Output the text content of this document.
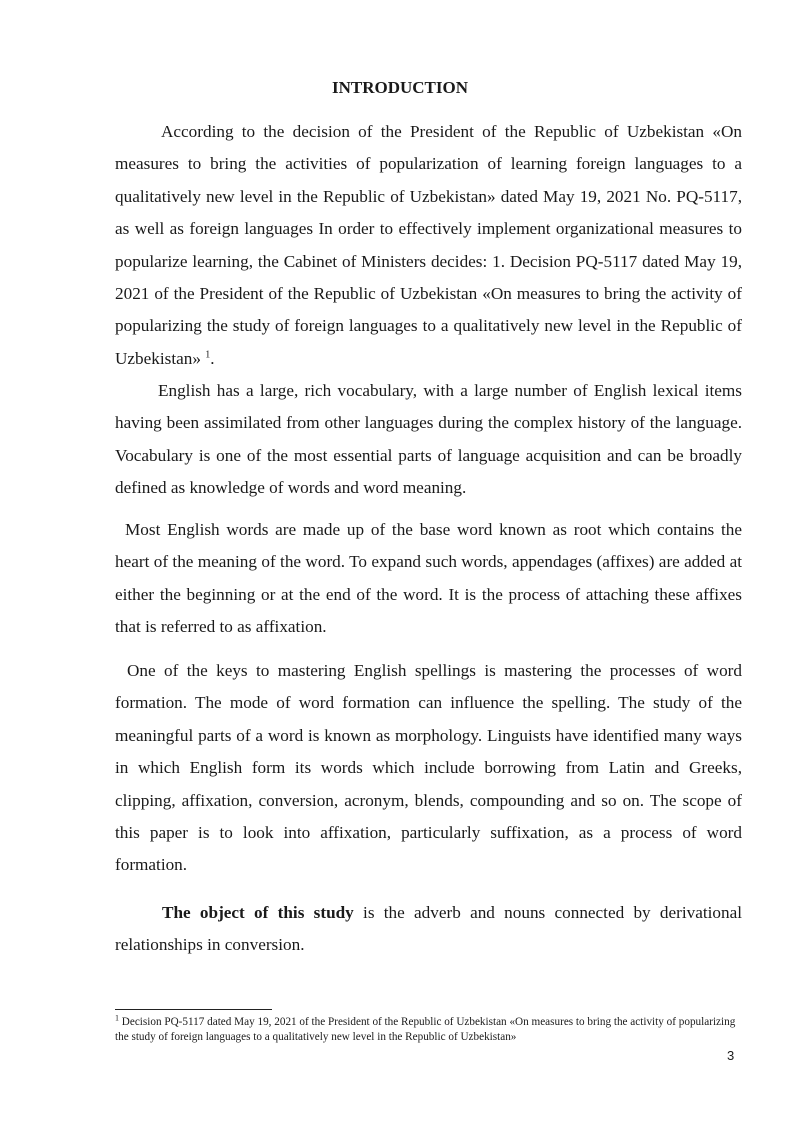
INTRODUCTION

According to the decision of the President of the Republic of Uzbekistan «On measures to bring the activities of popularization of learning foreign languages to a qualitatively new level in the Republic of Uzbekistan» dated May 19, 2021 No. PQ-5117, as well as foreign languages In order to effectively implement organizational measures to popularize learning, the Cabinet of Ministers decides: 1. Decision PQ-5117 dated May 19, 2021 of the President of the Republic of Uzbekistan «On measures to bring the activity of popularizing the study of foreign languages to a qualitatively new level in the Republic of Uzbekistan» $^1$.

English has a large, rich vocabulary, with a large number of English lexical items having been assimilated from other languages during the complex history of the language. Vocabulary is one of the most essential parts of language acquisition and can be broadly defined as knowledge of words and word meaning.

Most English words are made up of the base word known as root which contains the heart of the meaning of the word. To expand such words, appendages (affixes) are added at either the beginning or at the end of the word. It is the process of attaching these affixes that is referred to as affixation.

One of the keys to mastering English spellings is mastering the processes of word formation. The mode of word formation can influence the spelling. The study of the meaningful parts of a word is known as morphology. Linguists have identified many ways in which English form its words which include borrowing from Latin and Greeks, clipping, affixation, conversion, acronym, blends, compounding and so on. The scope of this paper is to look into affixation, particularly suffixation, as a process of word formation.

The object of this study is the adverb and nouns connected by derivational relationships in conversion.

$^1$ Decision PQ-5117 dated May 19, 2021 of the President of the Republic of Uzbekistan «On measures to bring the activity of popularizing the study of foreign languages to a qualitatively new level in the Republic of Uzbekistan»

3
